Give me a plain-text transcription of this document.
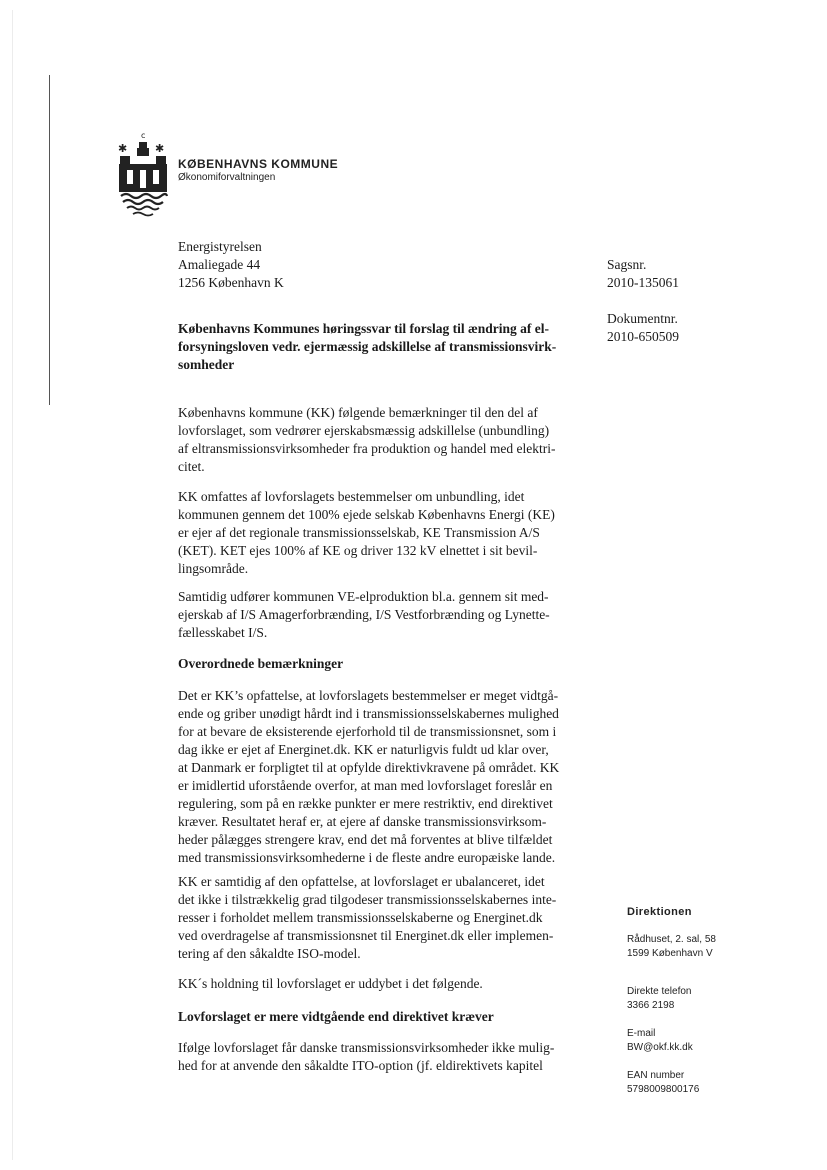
c
✱	✱
KØBENHAVNS KOMMUNE
Økonomiforvaltningen
Energistyrelsen
Amaliegade 44
1256 København K
Sagsnr.
2010-135061
Dokumentnr.
2010-650509
Københavns Kommunes høringssvar til forslag til ændring af el-
forsyningsloven vedr. ejermæssig adskillelse af transmissionsvirk-
somheder

Københavns kommune (KK) følgende bemærkninger til den del af

lovforslaget, som vedrører ejerskabsmæssig adskillelse (unbundling)

af eltransmissionsvirksomheder fra produktion og handel med elektri-

citet.

KK omfattes af lovforslagets bestemmelser om unbundling, idet

kommunen gennem det 100% ejede selskab Københavns Energi (KE)

er ejer af det regionale transmissionsselskab, KE Transmission A/S

(KET). KET ejes 100% af KE og driver 132 kV elnettet i sit bevil-

lingsområde.

Samtidig udfører kommunen VE-elproduktion bl.a. gennem sit med-

ejerskab af I/S Amagerforbrænding, I/S Vestforbrænding og Lynette-

fællesskabet I/S.

Overordnede bemærkninger

Det er KK’s opfattelse, at lovforslagets bestemmelser er meget vidtgå-

ende og griber unødigt hårdt ind i transmissionsselskabernes mulighed

for at bevare de eksisterende ejerforhold til de transmissionsnet, som i

dag ikke er ejet af Energinet.dk. KK er naturligvis fuldt ud klar over,

at Danmark er forpligtet til at opfylde direktivkravene på området. KK

er imidlertid uforstående overfor, at man med lovforslaget foreslår en

regulering, som på en række punkter er mere restriktiv, end direktivet

kræver. Resultatet heraf er, at ejere af danske transmissionsvirksom-

heder pålægges strengere krav, end det må forventes at blive tilfældet

med transmissionsvirksomhederne i de fleste andre europæiske lande.

KK er samtidig af den opfattelse, at lovforslaget er ubalanceret, idet

det ikke i tilstrækkelig grad tilgodeser transmissionsselskabernes inte-

resser i forholdet mellem transmissionsselskaberne og Energinet.dk

ved overdragelse af transmissionsnet til Energinet.dk eller implemen-

tering af den såkaldte ISO-model.

KK´s holdning til lovforslaget er uddybet i det følgende.

Lovforslaget er mere vidtgående end direktivet kræver

Ifølge lovforslaget får danske transmissionsvirksomheder ikke mulig-

hed for at anvende den såkaldte ITO-option (jf. eldirektivets kapitel

Direktionen
Rådhuset, 2. sal, 58
1599 København V
Direkte telefon
3366 2198
E-mail
BW@okf.kk.dk
EAN number
5798009800176
